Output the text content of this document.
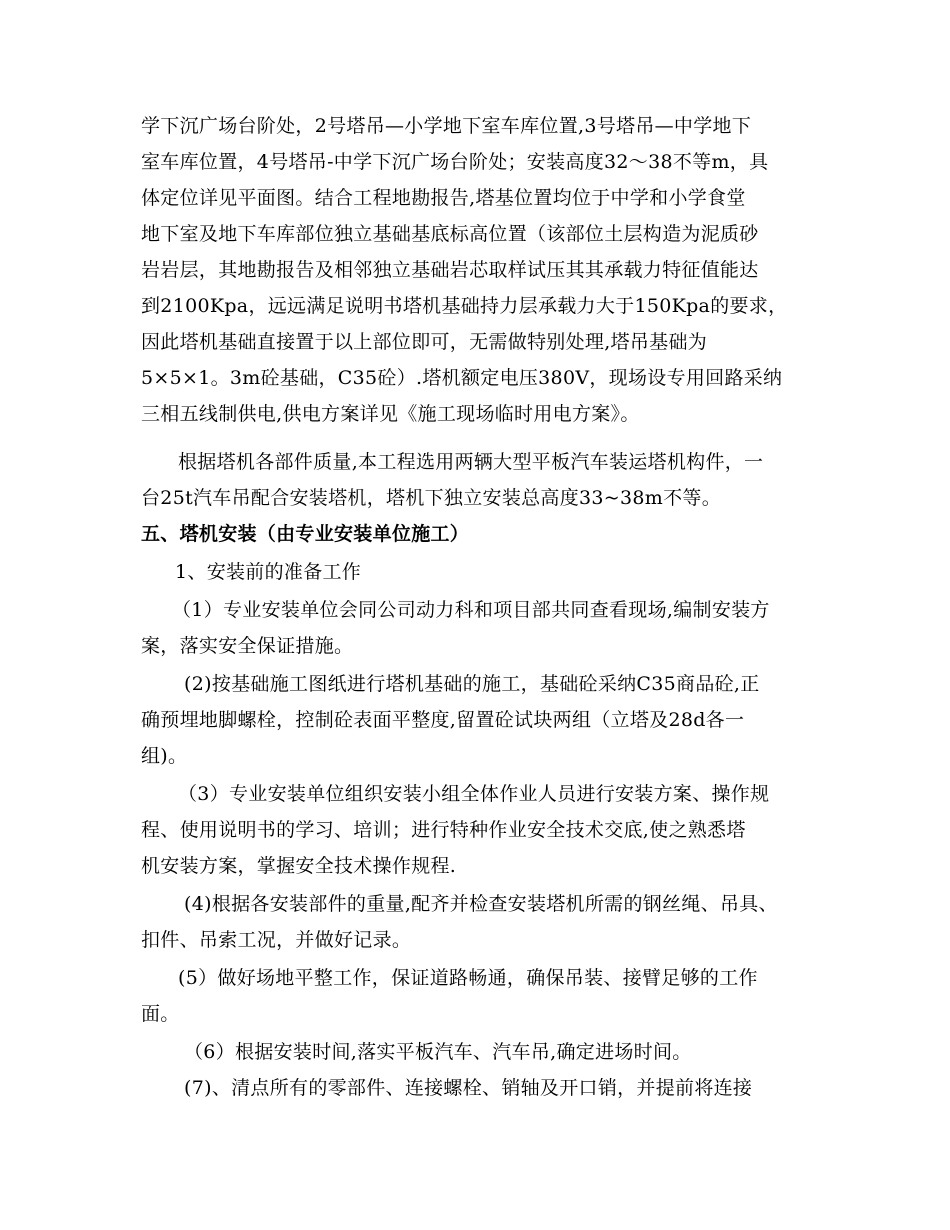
学下沉广场台阶处，2号塔吊—小学地下室车库位置,3号塔吊—中学地下
室车库位置，4号塔吊-中学下沉广场台阶处；安装高度32～38不等m，具
体定位详见平面图。结合工程地勘报告,塔基位置均位于中学和小学食堂
地下室及地下车库部位独立基础基底标高位置（该部位土层构造为泥质砂
岩岩层，其地勘报告及相邻独立基础岩芯取样试压其其承载力特征值能达
到2100Kpa，远远满足说明书塔机基础持力层承载力大于150Kpa的要求，
因此塔机基础直接置于以上部位即可，无需做特别处理,塔吊基础为
5×5×1。3m砼基础，C35砼）.塔机额定电压380V，现场设专用回路采纳
三相五线制供电,供电方案详见《施工现场临时用电方案》。
根据塔机各部件质量,本工程选用两辆大型平板汽车装运塔机构件，一
台25t汽车吊配合安装塔机，塔机下独立安装总高度33~38m不等。
五、塔机安装（由专业安装单位施工）
1、安装前的准备工作
（1）专业安装单位会同公司动力科和项目部共同查看现场,编制安装方
案，落实安全保证措施。
(2)按基础施工图纸进行塔机基础的施工，基础砼采纳C35商品砼,正
确预埋地脚螺栓，控制砼表面平整度,留置砼试块两组（立塔及28d各一
组)。
（3）专业安装单位组织安装小组全体作业人员进行安装方案、操作规
程、使用说明书的学习、培训；进行特种作业安全技术交底,使之熟悉塔
机安装方案，掌握安全技术操作规程.
(4)根据各安装部件的重量,配齐并检查安装塔机所需的钢丝绳、吊具、
扣件、吊索工况，并做好记录。
(5）做好场地平整工作，保证道路畅通，确保吊装、接臂足够的工作
面。
（6）根据安装时间,落实平板汽车、汽车吊,确定进场时间。
(7)、清点所有的零部件、连接螺栓、销轴及开口销，并提前将连接
